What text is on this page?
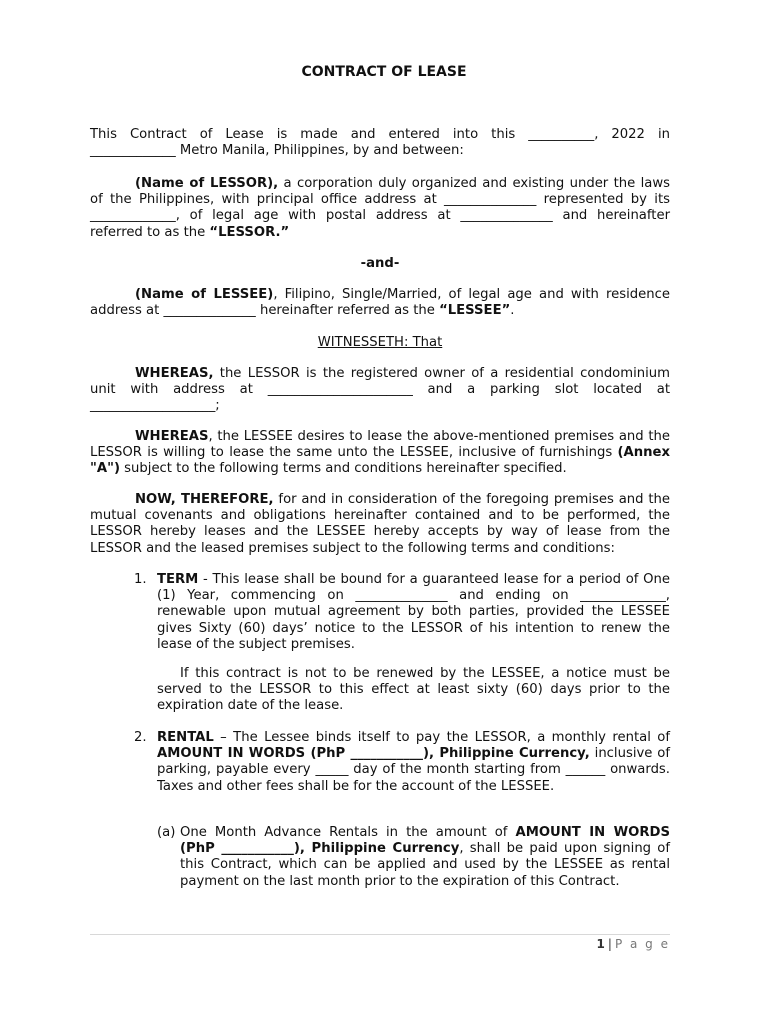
CONTRACT OF LEASE
This Contract of Lease is made and entered into this __________, 2022 in
_____________ Metro Manila, Philippines, by and between:
(Name of LESSOR), a corporation duly organized and existing under the laws of the Philippines, with principal office address at ______________ represented by its _____________, of legal age with postal address at ______________ and hereinafter referred to as the “LESSOR.”
-and-
(Name of LESSEE), Filipino, Single/Married, of legal age and with residence address at ______________ hereinafter referred as the “LESSEE”.
WITNESSETH: That
WHEREAS, the LESSOR is the registered owner of a residential condominium unit with address at ______________________ and a parking slot located at ___________________;
WHEREAS, the LESSEE desires to lease the above-mentioned premises and the LESSOR is willing to lease the same unto the LESSEE, inclusive of furnishings (Annex "A") subject to the following terms and conditions hereinafter specified.
NOW, THEREFORE, for and in consideration of the foregoing premises and the mutual covenants and obligations hereinafter contained and to be performed, the LESSOR hereby leases and the LESSEE hereby accepts by way of lease from the LESSOR and the leased premises subject to the following terms and conditions:
1. TERM - This lease shall be bound for a guaranteed lease for a period of One (1) Year, commencing on ______________ and ending on _____________, renewable upon mutual agreement by both parties, provided the LESSEE gives Sixty (60) days’ notice to the LESSOR of his intention to renew the lease of the subject premises.
If this contract is not to be renewed by the LESSEE, a notice must be served to the LESSOR to this effect at least sixty (60) days prior to the expiration date of the lease.
2. RENTAL – The Lessee binds itself to pay the LESSOR, a monthly rental of AMOUNT IN WORDS (PhP ___________), Philippine Currency, inclusive of parking, payable every _____ day of the month starting from ______ onwards. Taxes and other fees shall be for the account of the LESSEE.
(a) One Month Advance Rentals in the amount of AMOUNT IN WORDS (PhP ___________), Philippine Currency, shall be paid upon signing of this Contract, which can be applied and used by the LESSEE as rental payment on the last month prior to the expiration of this Contract.
1 | P a g e
